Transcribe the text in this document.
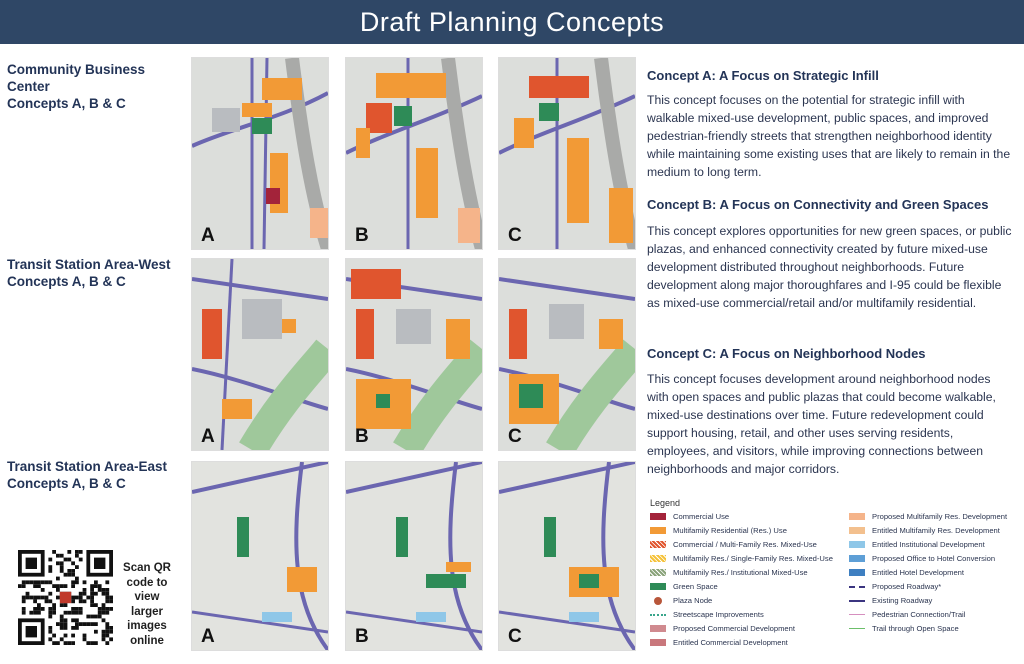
Draft Planning Concepts
Community Business Center
Concepts A, B & C
Transit Station Area-West
Concepts A, B & C
Transit Station Area-East
Concepts A, B & C
A	B	C
A	B	C
A	B	C
Concept A: A Focus on Strategic Infill
This concept focuses on the potential for strategic infill with walkable mixed-use development, public spaces, and improved pedestrian-friendly streets that strengthen neighborhood identity while maintaining some existing uses that are likely to remain in the medium to long term.
Concept B: A Focus on Connectivity and Green Spaces
This concept explores opportunities for new green spaces, or public plazas, and enhanced connectivity created by future mixed-use development distributed throughout neighborhoods. Future development along major thoroughfares and I-95 could be flexible as mixed-use commercial/retail and/or multifamily residential.
Concept C: A Focus on Neighborhood Nodes
This concept focuses development around neighborhood nodes with open spaces and public plazas that could become walkable, mixed-use destinations over time. Future redevelopment could support housing, retail, and other uses serving residents, employees, and visitors, while improving connections between neighborhoods and major corridors.
Legend
Scan QR code to view larger images online
Commercial Use
Multifamily Residential (Res.) Use
Commercial / Multi-Family Res. Mixed-Use
Multifamily Res./ Single-Family Res. Mixed-Use
Multifamily Res./ Institutional Mixed-Use
Green Space
Plaza Node
Streetscape Improvements
Proposed Commercial Development
Entitled Commercial Development
Proposed Multifamily Res. Development
Entitled Multifamily Res. Development
Entitled Institutional Development
Proposed Office to Hotel Conversion
Entitled Hotel Development
Proposed Roadway*
Existing Roadway
Pedestrian Connection/Trail
Trail through Open Space
